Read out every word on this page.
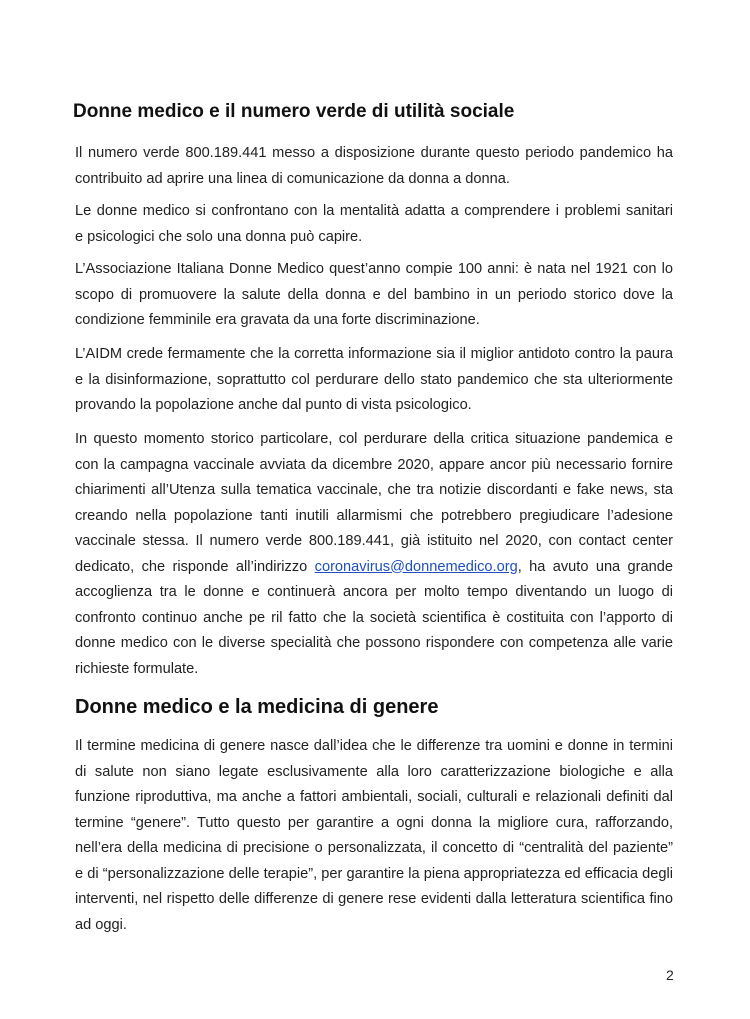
Donne medico e il numero verde di utilità sociale
Il numero verde 800.189.441 messo a disposizione durante questo periodo pandemico ha
contribuito ad aprire una linea di comunicazione da donna a donna.
Le donne medico si confrontano con la mentalità adatta a comprendere i problemi sanitari
e psicologici che solo una donna può capire.
L’Associazione Italiana Donne Medico quest’anno compie 100 anni: è nata nel 1921 con lo
scopo di promuovere la salute della donna e del bambino in un periodo storico dove la
condizione femminile era gravata da una forte discriminazione.
L’AIDM crede fermamente che la corretta informazione sia il miglior antidoto contro la paura
e la disinformazione, soprattutto col perdurare dello stato pandemico che sta ulteriormente
provando la popolazione anche dal punto di vista psicologico.
In questo momento storico particolare, col perdurare della critica situazione pandemica e
con la campagna vaccinale avviata da dicembre 2020, appare ancor più necessario fornire
chiarimenti all’Utenza sulla tematica vaccinale, che tra notizie discordanti e fake news, sta
creando nella popolazione tanti inutili allarmismi che potrebbero pregiudicare l’adesione
vaccinale stessa. Il numero verde 800.189.441, già istituito nel 2020, con contact center
dedicato, che risponde all’indirizzo coronavirus@donnemedico.org, ha avuto una grande
accoglienza tra le donne e continuerà ancora per molto tempo diventando un luogo di
confronto continuo anche pe ril fatto che la società scientifica è costituita con l’apporto di
donne medico con le diverse specialità che possono rispondere con competenza alle varie
richieste formulate.
Donne medico e la medicina di genere
Il termine medicina di genere nasce dall’idea che le differenze tra uomini e donne in termini
di salute non siano legate esclusivamente alla loro caratterizzazione biologiche e alla
funzione riproduttiva, ma anche a fattori ambientali, sociali, culturali e relazionali definiti dal
termine “genere”. Tutto questo per garantire a ogni donna la migliore cura, rafforzando,
nell’era della medicina di precisione o personalizzata, il concetto di “centralità del paziente”
e di “personalizzazione delle terapie”, per garantire la piena appropriatezza ed efficacia degli
interventi, nel rispetto delle differenze di genere rese evidenti dalla letteratura scientifica fino
ad oggi.
2
